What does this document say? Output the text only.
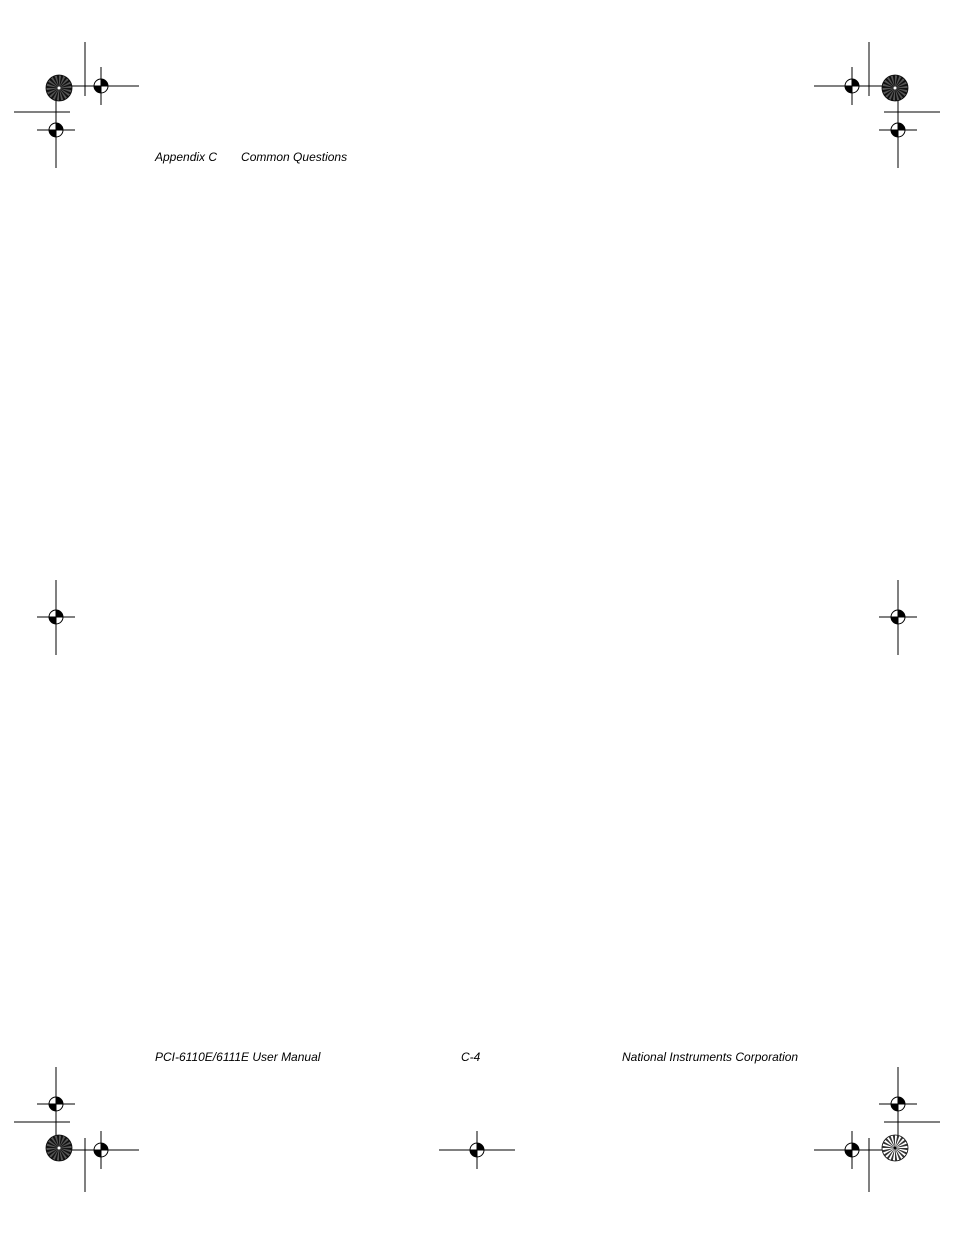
Appendix C Common Questions
PCI-6110E/6111E User Manual	C-4	National Instruments Corporation
